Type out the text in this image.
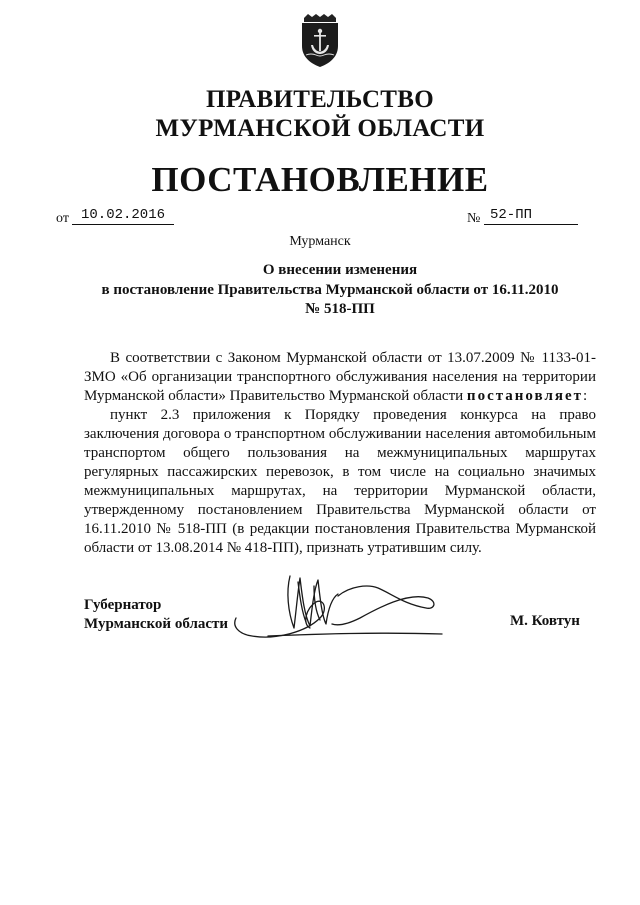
ПРАВИТЕЛЬСТВО
МУРМАНСКОЙ ОБЛАСТИ
ПОСТАНОВЛЕНИЕ
от 10.02.2016	№ 52-ПП
Мурманск
О внесении изменения
в постановление Правительства Мурманской области от 16.11.2010
№ 518-ПП

В соответствии с Законом Мурманской области от 13.07.2009 № 1133-01-ЗМО «Об организации транспортного обслуживания населения на территории Мурманской области» Правительство Мурманской области постановляет:

пункт 2.3 приложения к Порядку проведения конкурса на право заключения договора о транспортном обслуживании населения автомобильным транспортом общего пользования на межмуниципальных маршрутах регулярных пассажирских перевозок, в том числе на социально значимых межмуниципальных маршрутах, на территории Мурманской области, утвержденному постановлением Правительства Мурманской области от 16.11.2010 № 518-ПП (в редакции постановления Правительства Мурманской области от 13.08.2014 № 418-ПП), признать утратившим силу.

Губернатор
Мурманской области	М. Ковтун
